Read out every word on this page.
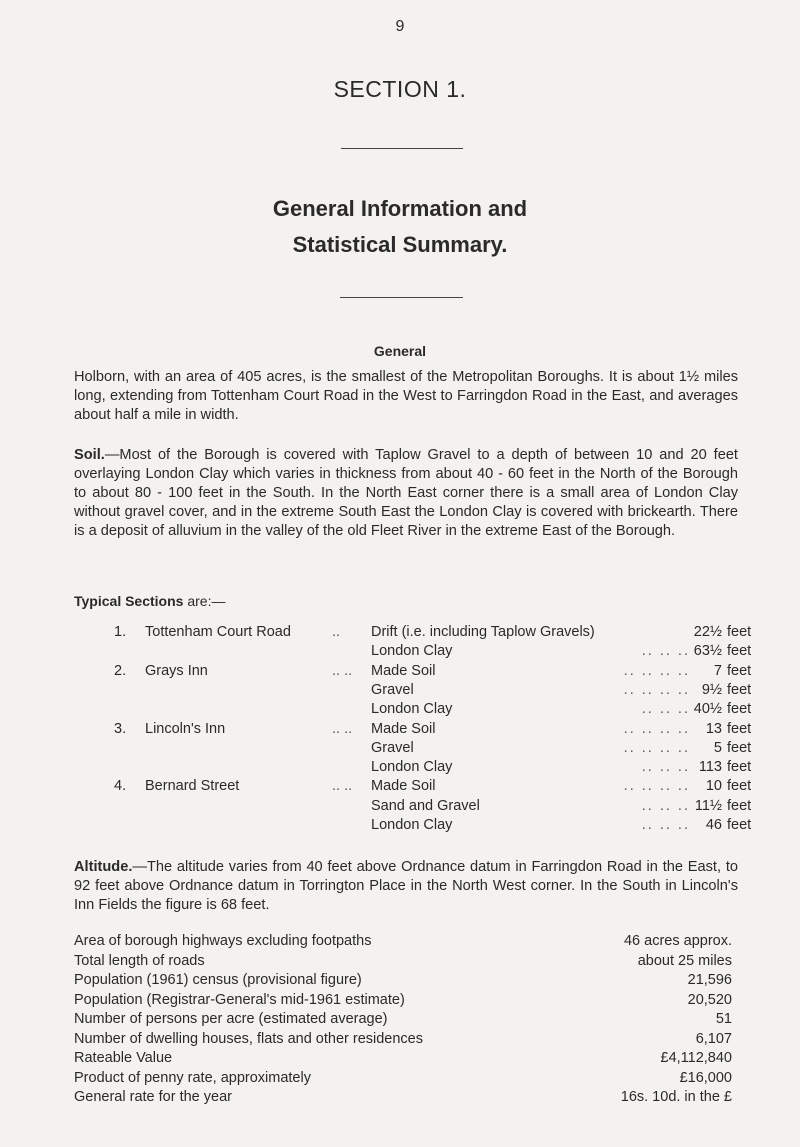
9
SECTION 1.
General Information and
Statistical Summary.
General
Holborn, with an area of 405 acres, is the smallest of the Metropolitan Boroughs. It is about 1½ miles long, extending from Tottenham Court Road in the West to Farringdon Road in the East, and averages about half a mile in width.
Soil.—Most of the Borough is covered with Taplow Gravel to a depth of between 10 and 20 feet overlaying London Clay which varies in thickness from about 40 - 60 feet in the North of the Borough to about 80 - 100 feet in the South. In the North East corner there is a small area of London Clay without gravel cover, and in the extreme South East the London Clay is covered with brickearth. There is a deposit of alluvium in the valley of the old Fleet River in the extreme East of the Borough.
Typical Sections are:—
1. Tottenham Court Road	.. Drift (i.e. including Taplow Gravels)	22½ feet
London Clay	.. .. .. 63½ feet
2. Grays Inn	.. .. Made Soil	.. .. .. ..	7 feet
Gravel	.. .. .. .. 9½ feet
London Clay	.. .. .. 40½ feet
3. Lincoln's Inn	.. .. Made Soil	.. .. .. ..	13 feet
Gravel	.. .. .. ..	5 feet
London Clay	.. .. .. 113 feet
4. Bernard Street	.. .. Made Soil	.. .. .. ..	10 feet
Sand and Gravel	.. .. .. 11½ feet
London Clay	.. .. ..	46 feet
Altitude.—The altitude varies from 40 feet above Ordnance datum in Farringdon Road in the East, to 92 feet above Ordnance datum in Torrington Place in the North West corner. In the South in Lincoln's Inn Fields the figure is 68 feet.
Area of borough highways excluding footpaths	46 acres approx.
Total length of roads	about 25 miles
Population (1961) census (provisional figure)	21,596
Population (Registrar-General's mid-1961 estimate)	20,520
Number of persons per acre (estimated average)	51
Number of dwelling houses, flats and other residences	6,107
Rateable Value	£4,112,840
Product of penny rate, approximately	£16,000
General rate for the year	16s. 10d. in the £
